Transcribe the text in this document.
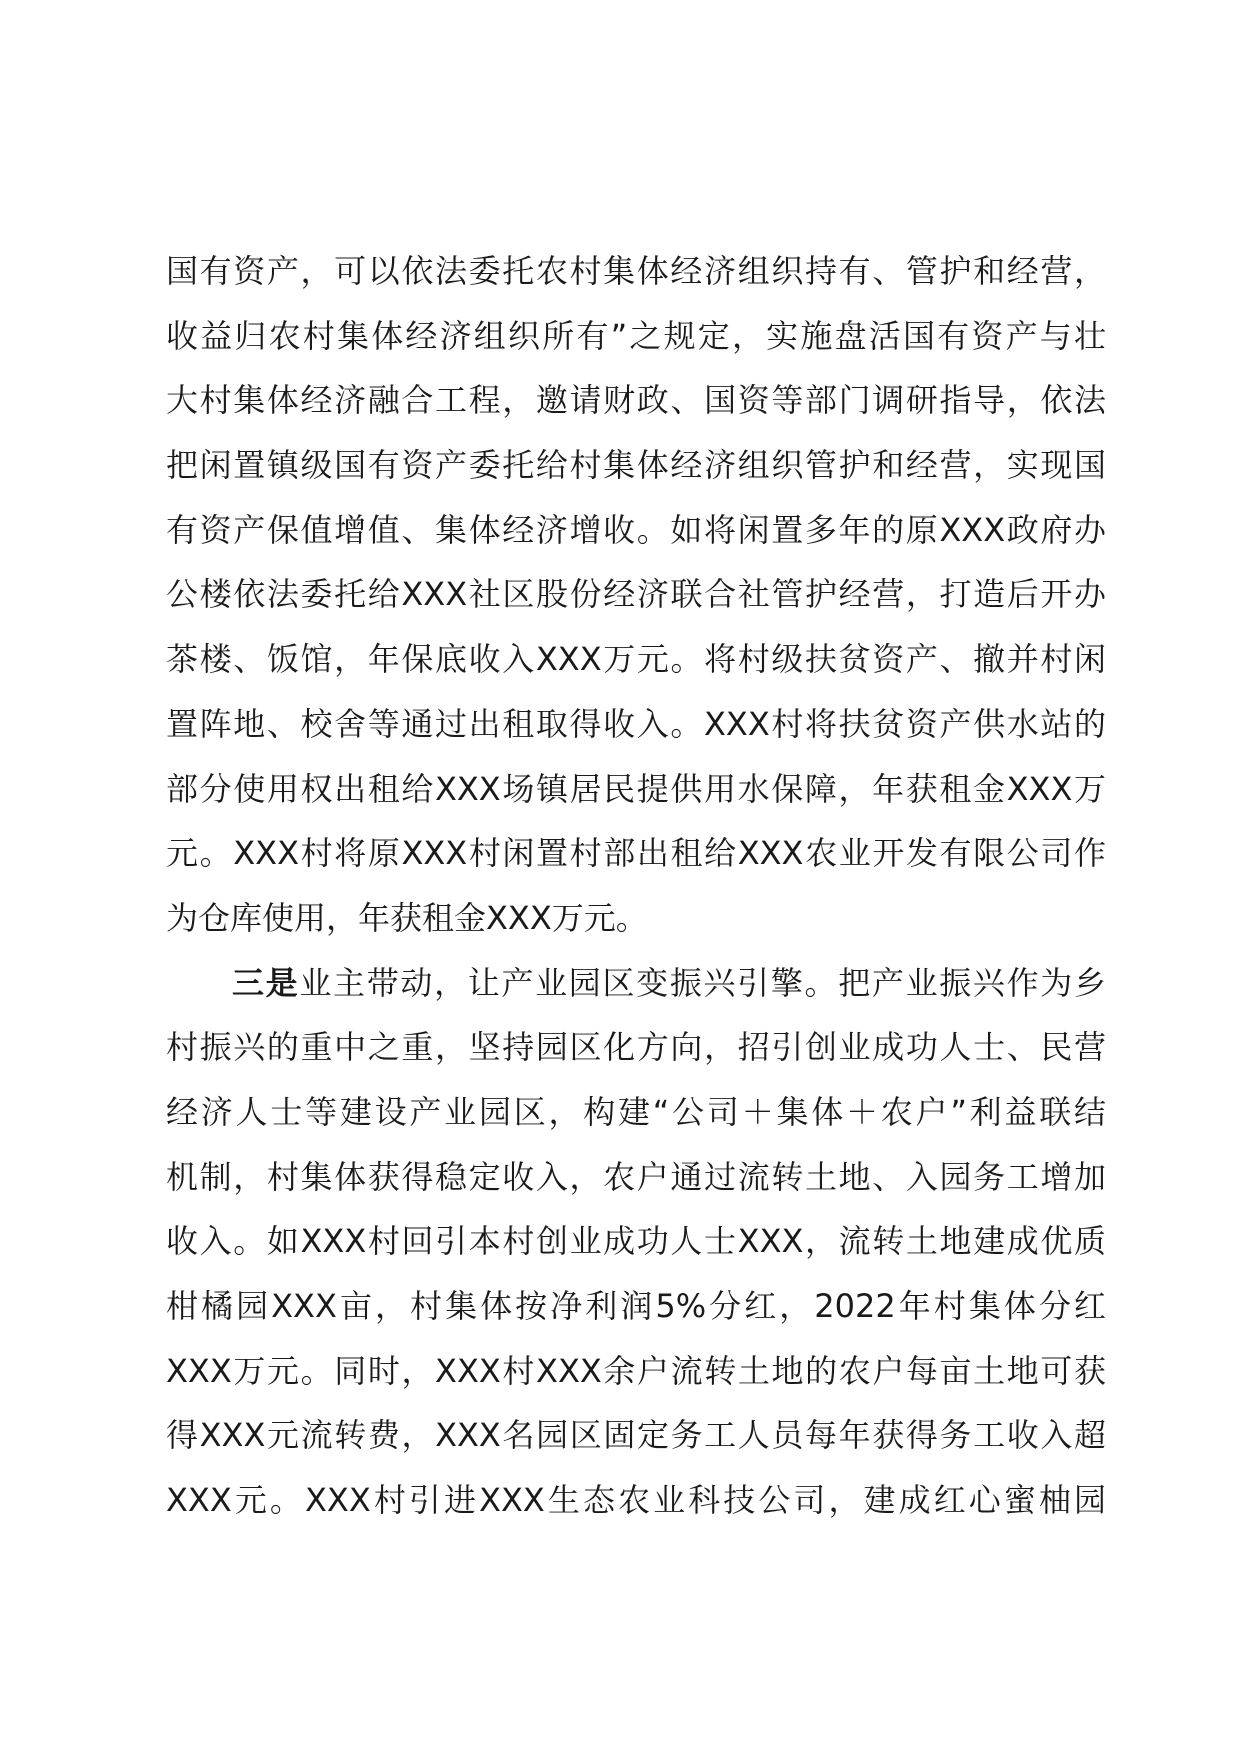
国有资产，可以依法委托农村集体经济组织持有、管护和经营，
收益归农村集体经济组织所有”之规定，实施盘活国有资产与壮
大村集体经济融合工程，邀请财政、国资等部门调研指导，依法
把闲置镇级国有资产委托给村集体经济组织管护和经营，实现国
有资产保值增值、集体经济增收。如将闲置多年的原XXX政府办
公楼依法委托给XXX社区股份经济联合社管护经营，打造后开办
茶楼、饭馆，年保底收入XXX万元。将村级扶贫资产、撤并村闲
置阵地、校舍等通过出租取得收入。XXX村将扶贫资产供水站的
部分使用权出租给XXX场镇居民提供用水保障，年获租金XXX万
元。XXX村将原XXX村闲置村部出租给XXX农业开发有限公司作
为仓库使用，年获租金XXX万元。
三是业主带动，让产业园区变振兴引擎。把产业振兴作为乡
村振兴的重中之重，坚持园区化方向，招引创业成功人士、民营
经济人士等建设产业园区，构建“公司＋集体＋农户”利益联结
机制，村集体获得稳定收入，农户通过流转土地、入园务工增加
收入。如XXX村回引本村创业成功人士XXX，流转土地建成优质
柑橘园XXX亩，村集体按净利润5%分红，2022年村集体分红
XXX万元。同时，XXX村XXX余户流转土地的农户每亩土地可获
得XXX元流转费，XXX名园区固定务工人员每年获得务工收入超
XXX元。XXX村引进XXX生态农业科技公司，建成红心蜜柚园
